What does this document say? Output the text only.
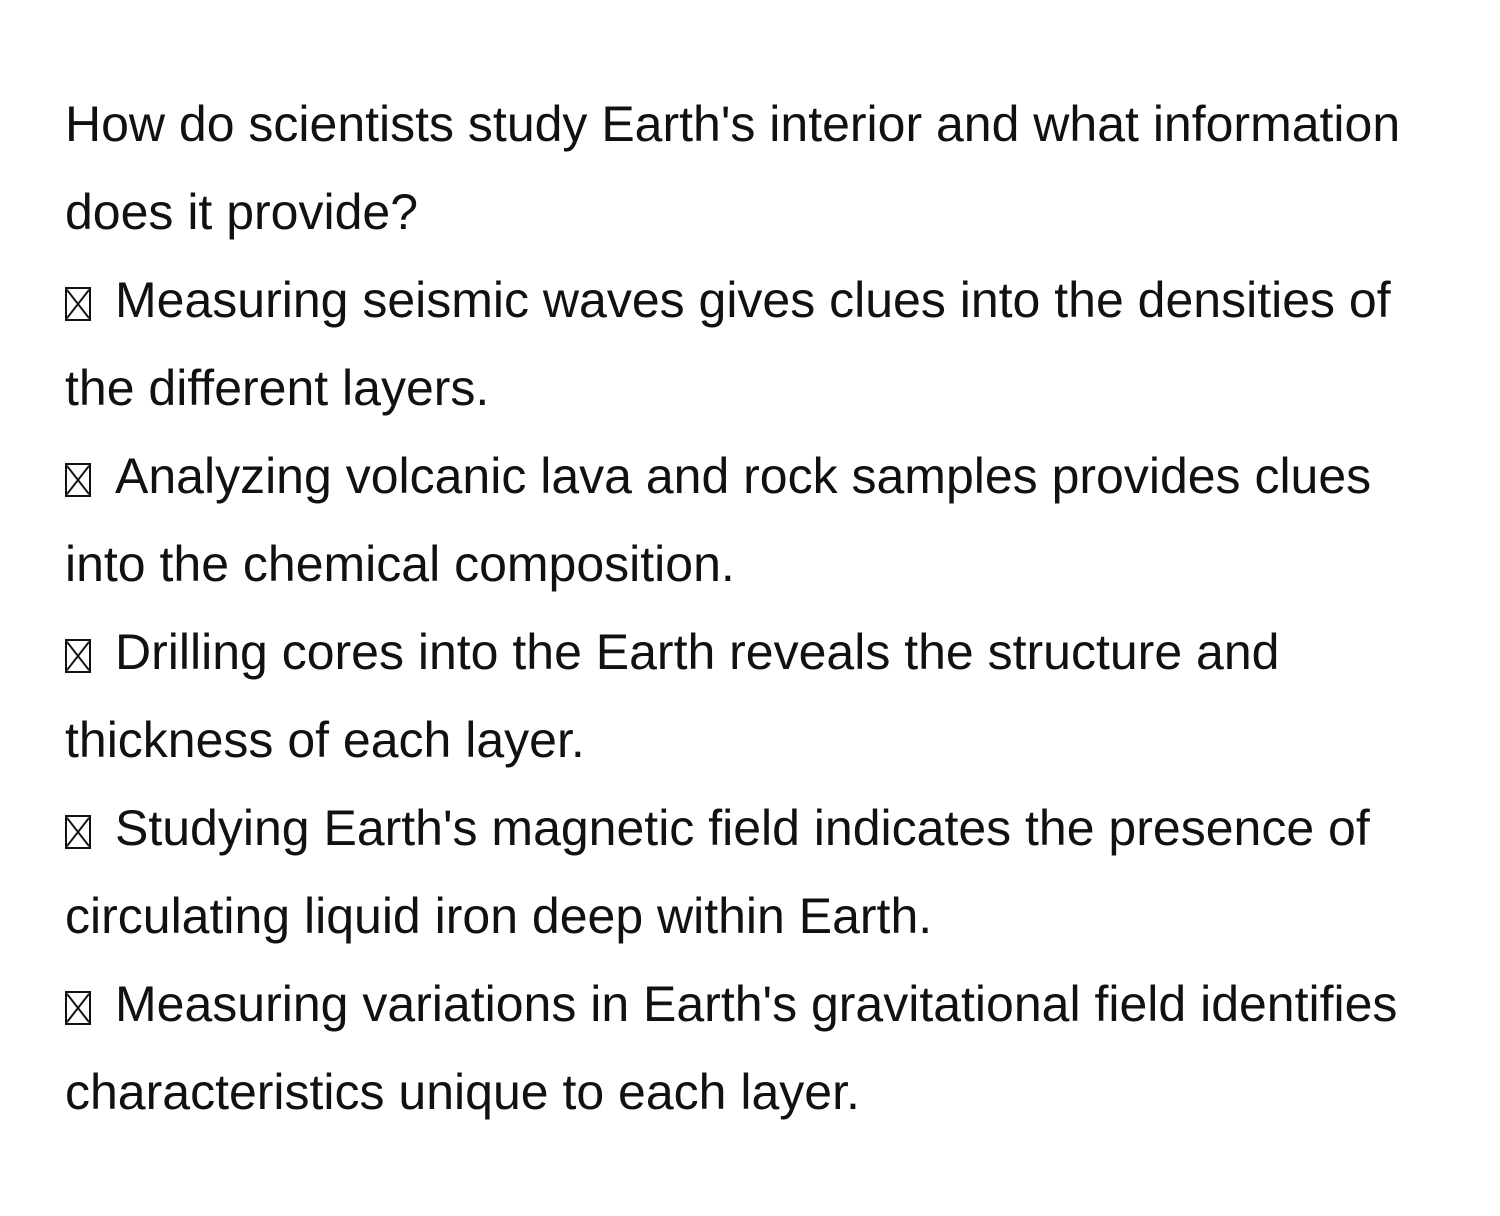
How do scientists study Earth's interior and what information does it provide?

Measuring seismic waves gives clues into the densities of the different layers.
Analyzing volcanic lava and rock samples provides clues into the chemical composition.
Drilling cores into the Earth reveals the structure and thickness of each layer.
Studying Earth's magnetic field indicates the presence of circulating liquid iron deep within Earth.
Measuring variations in Earth's gravitational field identifies characteristics unique to each layer.
